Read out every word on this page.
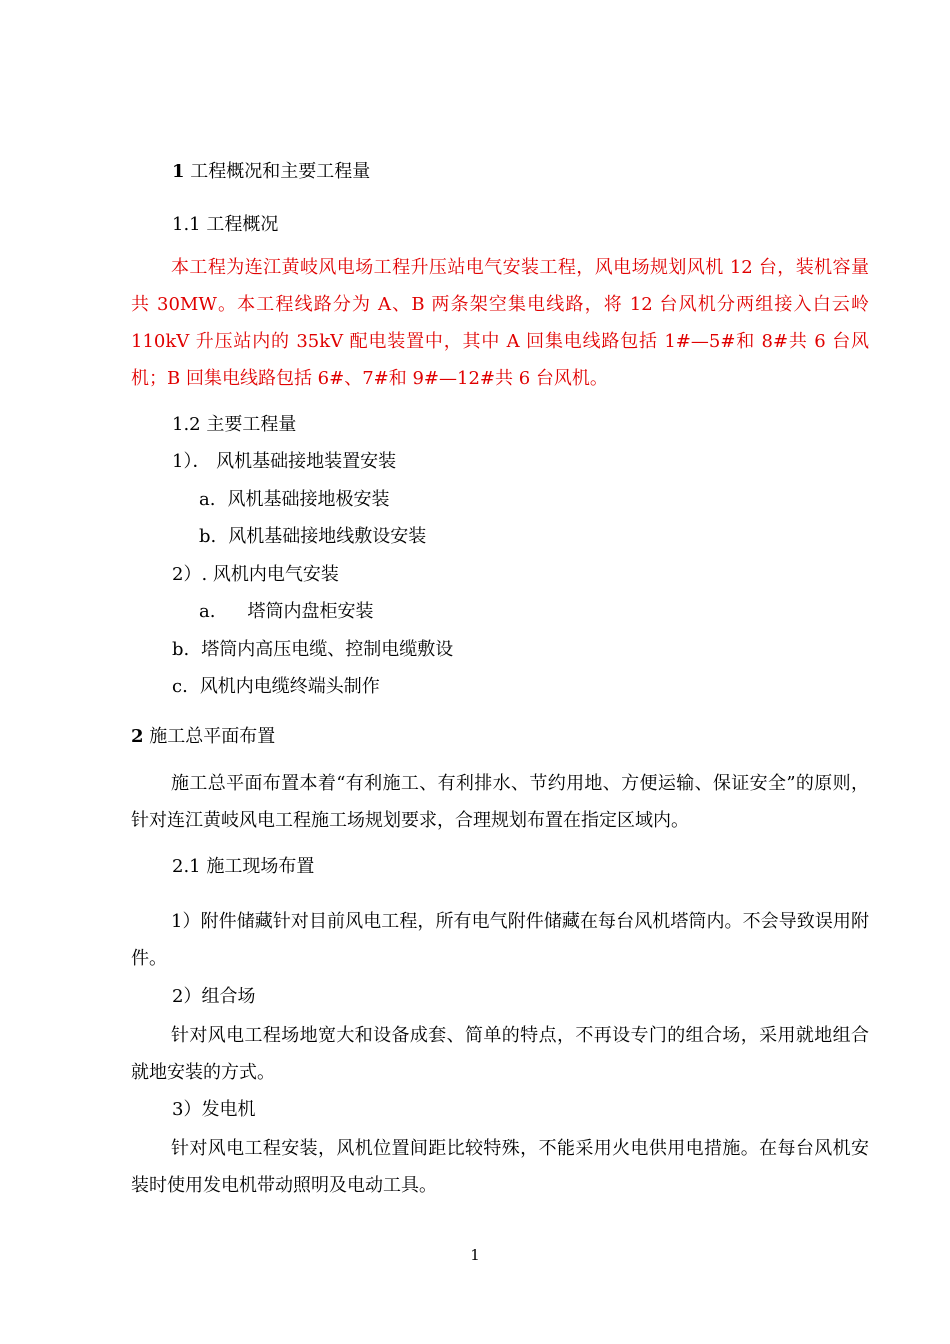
1 工程概况和主要工程量
1.1 工程概况
本工程为连江黄岐风电场工程升压站电气安装工程，风电场规划风机 12 台，装机容量共 30MW。本工程线路分为 A、B 两条架空集电线路，将 12 台风机分两组接入白云岭 110kV 升压站内的 35kV 配电装置中，其中 A 回集电线路包括 1#—5#和 8#共 6 台风机；B 回集电线路包括 6#、7#和 9#—12#共 6 台风机。
1.2 主要工程量
1）． 风机基础接地装置安装
a. 风机基础接地极安装
b. 风机基础接地线敷设安装
2）. 风机内电气安装
a. 塔筒内盘柜安装
b. 塔筒内高压电缆、控制电缆敷设
c. 风机内电缆终端头制作
2 施工总平面布置
施工总平面布置本着“有利施工、有利排水、节约用地、方便运输、保证安全”的原则，针对连江黄岐风电工程施工场规划要求，合理规划布置在指定区域内。
2.1 施工现场布置
1）附件储藏针对目前风电工程，所有电气附件储藏在每台风机塔筒内。不会导致误用附件。
2）组合场
针对风电工程场地宽大和设备成套、简单的特点，不再设专门的组合场，采用就地组合就地安装的方式。
3）发电机
针对风电工程安装，风机位置间距比较特殊，不能采用火电供用电措施。在每台风机安装时使用发电机带动照明及电动工具。
1
